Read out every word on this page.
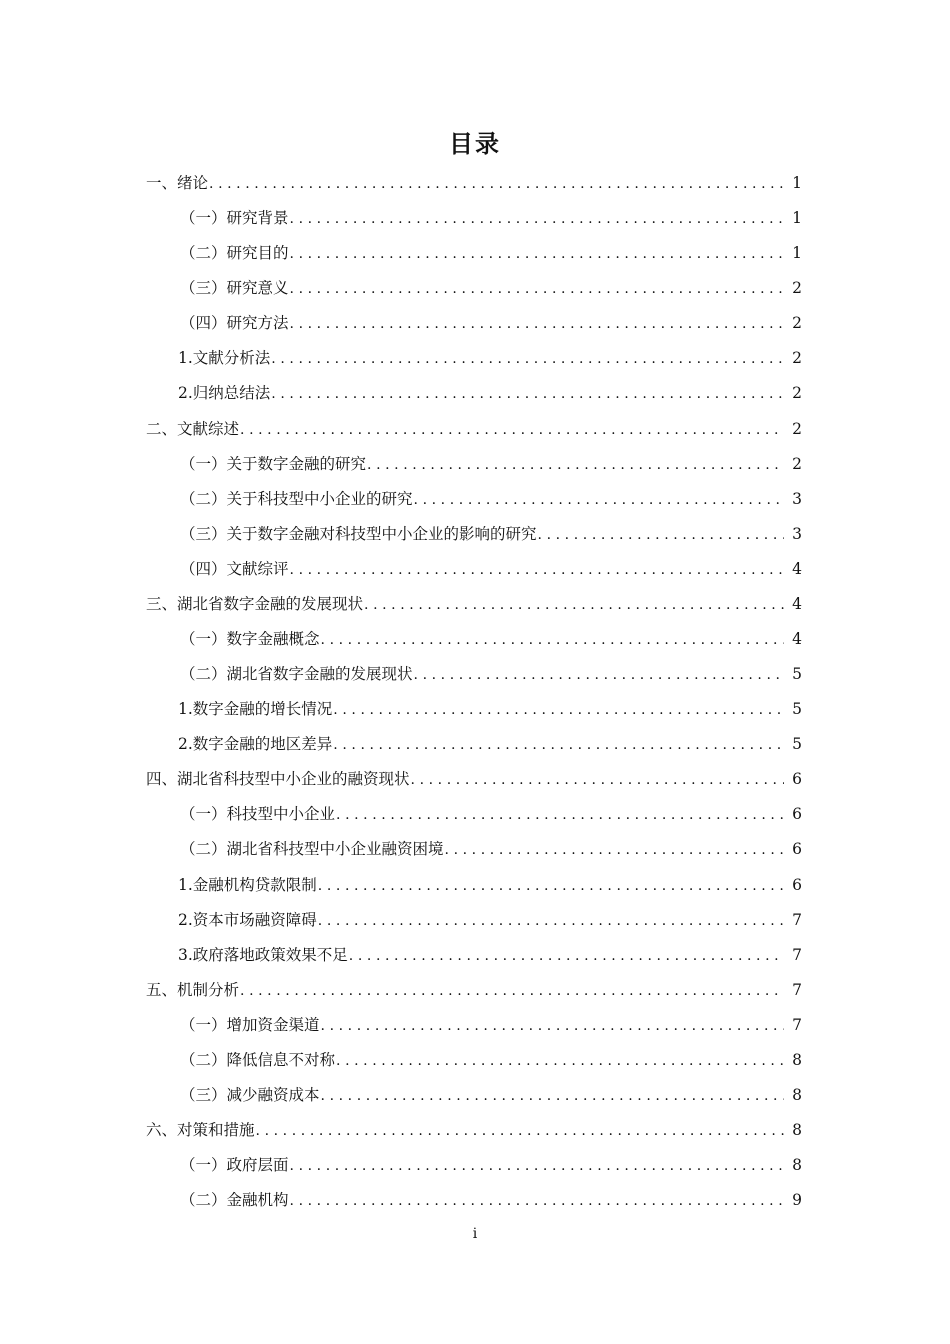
目录
一、绪论 .....	1
（一）研究背景 .....	1
（二）研究目的 .....	1
（三）研究意义 .....	2
（四）研究方法 .....	2
1.文献分析法 .....	2
2.归纳总结法 .....	2
二、文献综述 .....	2
（一）关于数字金融的研究 .....	2
（二）关于科技型中小企业的研究 .....	3
（三）关于数字金融对科技型中小企业的影响的研究 .....	3
（四）文献综评 .....	4
三、湖北省数字金融的发展现状 .....	4
（一）数字金融概念 .....	4
（二）湖北省数字金融的发展现状 .....	5
1.数字金融的增长情况 .....	5
2.数字金融的地区差异 .....	5
四、湖北省科技型中小企业的融资现状 .....	6
（一）科技型中小企业 .....	6
（二）湖北省科技型中小企业融资困境 .....	6
1.金融机构贷款限制 .....	6
2.资本市场融资障碍 .....	7
3.政府落地政策效果不足 .....	7
五、机制分析 .....	7
（一）增加资金渠道 .....	7
（二）降低信息不对称 .....	8
（三）减少融资成本 .....	8
六、对策和措施 .....	8
（一）政府层面 .....	8
（二）金融机构 .....	9
i
